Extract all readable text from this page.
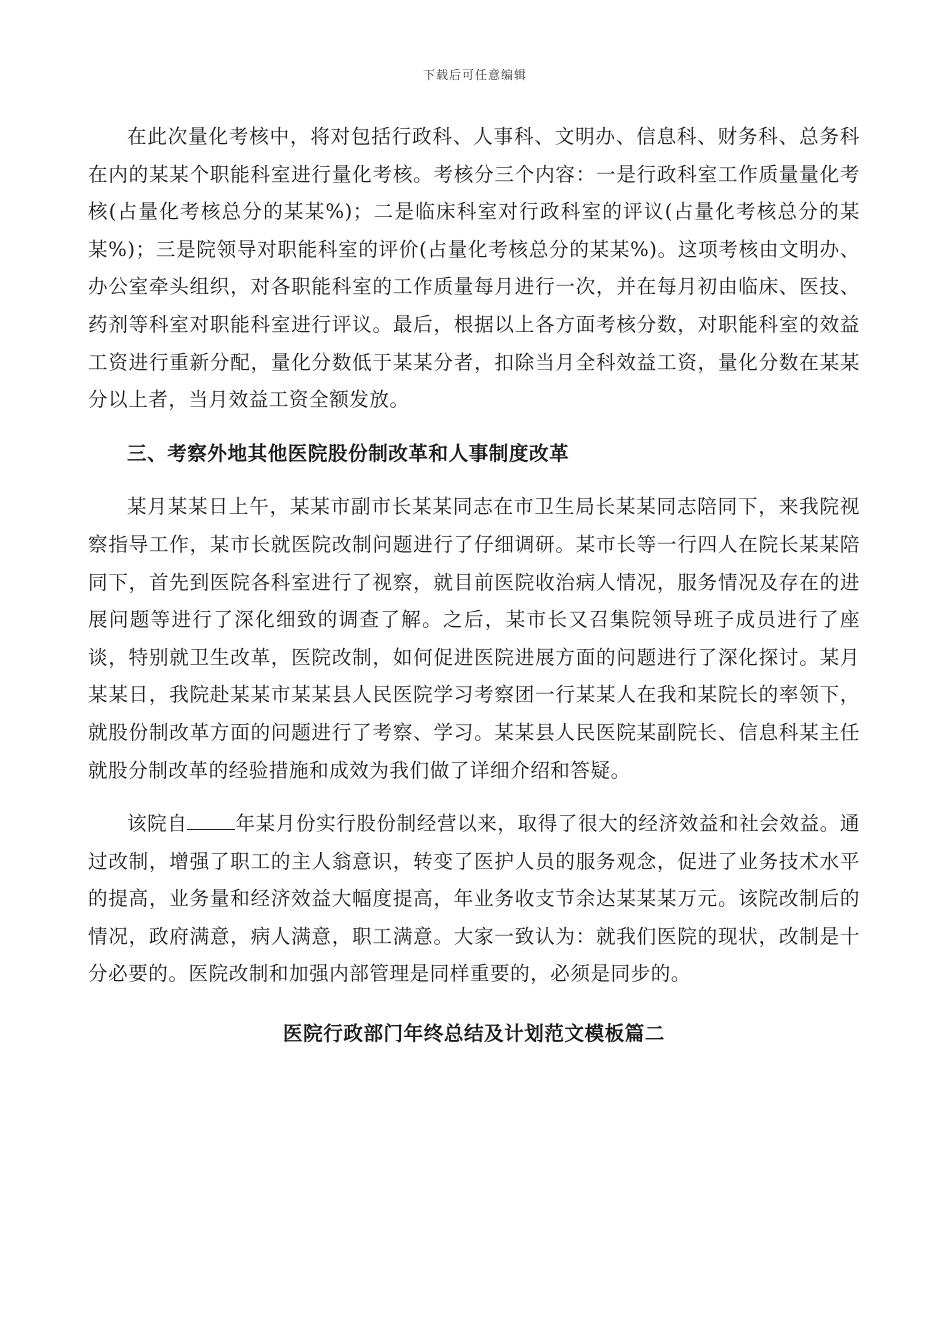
下载后可任意编辑

在此次量化考核中，将对包括行政科、人事科、文明办、信息科、财务科、总务科在内的某某个职能科室进行量化考核。考核分三个内容：一是行政科室工作质量量化考核(占量化考核总分的某某%)；二是临床科室对行政科室的评议(占量化考核总分的某某%)；三是院领导对职能科室的评价(占量化考核总分的某某%)。这项考核由文明办、办公室牵头组织，对各职能科室的工作质量每月进行一次，并在每月初由临床、医技、药剂等科室对职能科室进行评议。最后，根据以上各方面考核分数，对职能科室的效益工资进行重新分配，量化分数低于某某分者，扣除当月全科效益工资，量化分数在某某分以上者，当月效益工资全额发放。

三、考察外地其他医院股份制改革和人事制度改革

某月某某日上午，某某市副市长某某同志在市卫生局长某某同志陪同下，来我院视察指导工作，某市长就医院改制问题进行了仔细调研。某市长等一行四人在院长某某陪同下，首先到医院各科室进行了视察，就目前医院收治病人情况，服务情况及存在的进展问题等进行了深化细致的调查了解。之后，某市长又召集院领导班子成员进行了座谈，特别就卫生改革，医院改制，如何促进医院进展方面的问题进行了深化探讨。某月某某日，我院赴某某市某某县人民医院学习考察团一行某某人在我和某院长的率领下，就股份制改革方面的问题进行了考察、学习。某某县人民医院某副院长、信息科某主任就股分制改革的经验措施和成效为我们做了详细介绍和答疑。

该院自 年某月份实行股份制经营以来，取得了很大的经济效益和社会效益。通过改制，增强了职工的主人翁意识，转变了医护人员的服务观念，促进了业务技术水平的提高，业务量和经济效益大幅度提高，年业务收支节余达某某某万元。该院改制后的情况，政府满意，病人满意，职工满意。大家一致认为：就我们医院的现状，改制是十分必要的。医院改制和加强内部管理是同样重要的，必须是同步的。

医院行政部门年终总结及计划范文模板篇二
